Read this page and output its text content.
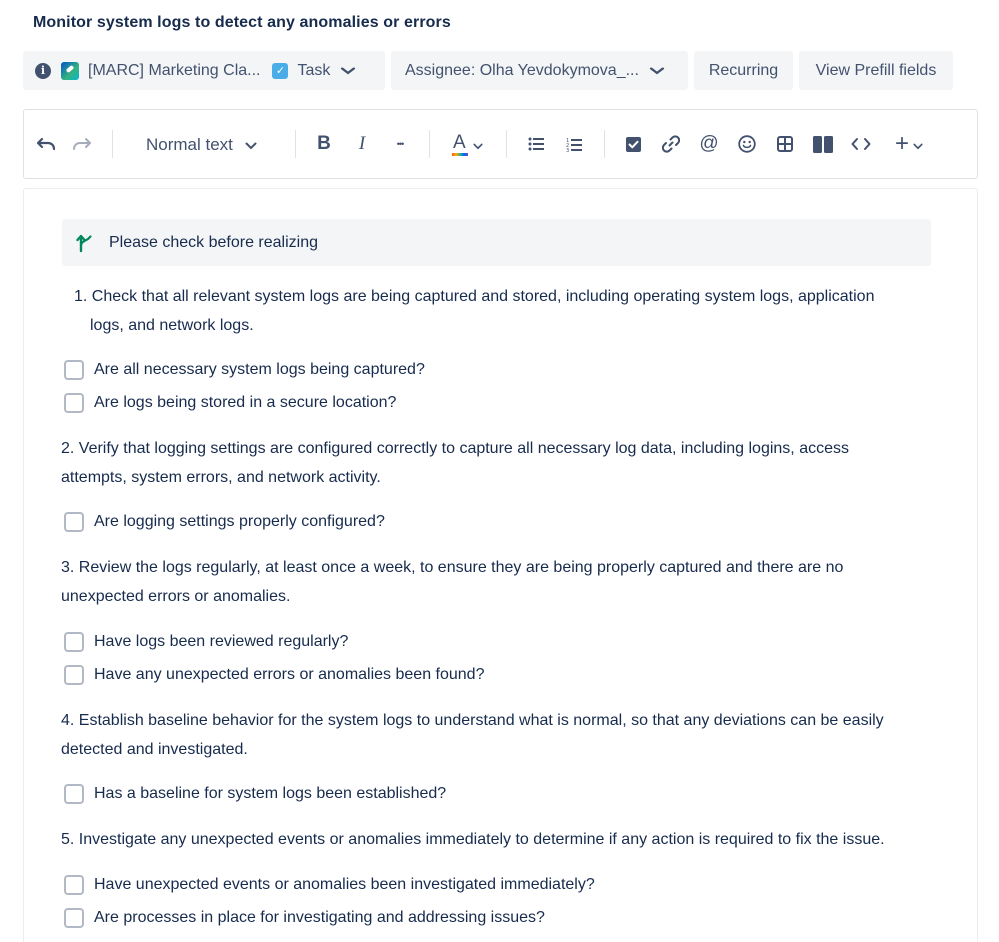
Monitor system logs to detect any anomalies or errors
i	[MARC] Marketing Cla...	✓ Task	Assignee: Olha Yevdokymova_...	Recurring	View Prefill fields
Normal text	B	I	•••	A	1
2
3	@	+
Please check before realizing
1. Check that all relevant system logs are being captured and stored, including operating system logs, application
logs, and network logs.
Are all necessary system logs being captured?
Are logs being stored in a secure location?
2. Verify that logging settings are configured correctly to capture all necessary log data, including logins, access
attempts, system errors, and network activity.
Are logging settings properly configured?
3. Review the logs regularly, at least once a week, to ensure they are being properly captured and there are no
unexpected errors or anomalies.
Have logs been reviewed regularly?
Have any unexpected errors or anomalies been found?
4. Establish baseline behavior for the system logs to understand what is normal, so that any deviations can be easily
detected and investigated.
Has a baseline for system logs been established?
5. Investigate any unexpected events or anomalies immediately to determine if any action is required to fix the issue.
Have unexpected events or anomalies been investigated immediately?
Are processes in place for investigating and addressing issues?
